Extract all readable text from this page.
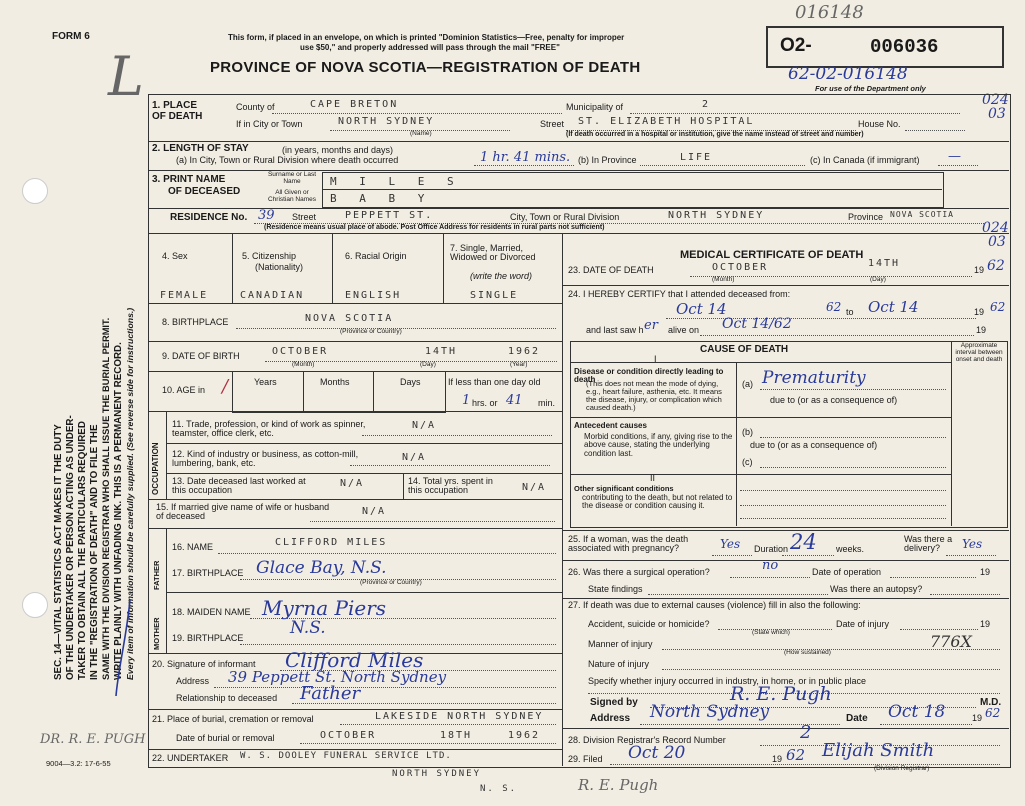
016148
FORM 6
L
This form, if placed in an envelope, on which is printed "Dominion Statistics—Free, penalty for improper
use $50," and properly addressed will pass through the mail "FREE"
PROVINCE OF NOVA SCOTIA—REGISTRATION OF DEATH
O2-	006036
62-02-016148
For use of the Department only
024
03
024
03
SEC. 14—VITAL STATISTICS ACT MAKES IT THE DUTY OF THE UNDERTAKER OR PERSON ACTING AS UNDER- TAKER TO OBTAIN ALL THE PARTICULARS REQUIRED IN THE "REGISTRATION OF DEATH" AND TO FILE THE SAME WITH THE DIVISION REGISTRAR WHO SHALL ISSUE THE BURIAL PERMIT. WRITE PLAINLY WITH UNFADING INK. THIS IS A PERMANENT RECORD. Every item of information should be carefully supplied. (See reverse side for instructions.)
1. PLACE OF DEATH
County of	CAPE BRETON	Municipality of	2
If in City or Town	NORTH SYDNEY
(Name)
Street ST. ELIZABETH HOSPITAL	House No.
(If death occurred in a hospital or institution, give the name instead of street and number)
2. LENGTH OF STAY	(in years, months and days)
(a) In City, Town or Rural Division where death occurred	1 hr. 41 mins. (b) In Province	LIFE	(c) In Canada (if immigrant) —
3. PRINT NAME
OF DECEASED
Surname or Last Name
All Given or Christian Names
M I L E S
B A B Y
RESIDENCE No. 39 Street	PEPPETT ST.	City, Town or Rural Division	NORTH SYDNEY	Province NOVA SCOTIA
(Residence means usual place of abode. Post Office Address for residents in rural parts not sufficient)
4. Sex	5. Citizenship
(Nationality)
6. Racial Origin
7. Single, Married, Widowed or Divorced
(write the word)
FEMALE	CANADIAN	ENGLISH	SINGLE
8. BIRTHPLACE	NOVA SCOTIA
(Province or Country)
9. DATE OF BIRTH	OCTOBER	14TH	1962
(Month)	(Day)	(Year)
10. AGE in /	Years	Months	Days	If less than one day old
1 hrs. or 41 min.
OCCUPATION
11. Trade, profession, or kind of work as spinner, teamster, office clerk, etc.
N/A
12. Kind of industry or business, as cotton-mill, lumbering, bank, etc.
N/A
13. Date deceased last worked at this occupation
N/A	14. Total yrs. spent in this occupation	N/A
15. If married give name of wife or husband of deceased	N/A
FATHER
MOTHER
16. NAME	CLIFFORD MILES
17. BIRTHPLACE Glace Bay, N.S.
(Province or Country)
18. MAIDEN NAME Myrna Piers
19. BIRTHPLACE	N.S.
20. Signature of informant Clifford Miles
Address 39 Peppett St. North Sydney
Relationship to deceased Father
21. Place of burial, cremation or removal	LAKESIDE NORTH SYDNEY
Date of burial or removal	OCTOBER	18TH	1962
22. UNDERTAKER W. S. DOOLEY FUNERAL SERVICE LTD.
NORTH SYDNEY
N. S.
DR. R. E. PUGH
9004—3.2: 17-6-55
R. E. Pugh
MEDICAL CERTIFICATE OF DEATH
23. DATE OF DEATH	OCTOBER	14TH
19 62
(Month)	(Day)
24. I HEREBY CERTIFY that I attended deceased from:
Oct 14	62 to Oct 14	19 62
and last saw h er alive on Oct 14/62	19
CAUSE OF DEATH
I
Approximate interval between onset and death
Disease or condition directly leading to death
(This does not mean the mode of dying, e.g., heart failure, asthenia, etc. It means the disease, injury, or complication which caused death.)
(a) Prematurity
due to (or as a consequence of)
Antecedent causes
Morbid conditions, if any, giving rise to the above cause, stating the underlying condition last.
(b)
due to (or as a consequence of)
(c)
II
Other significant conditions
contributing to the death, but not related to the disease or condition causing it.
25. If a woman, was the death associated with pregnancy?	Yes Duration 24 weeks.
Was there a delivery?	Yes
26. Was there a surgical operation?	no	Date of operation	19
State findings	Was there an autopsy?
27. If death was due to external causes (violence) fill in also the following:
Accident, suicide or homicide?
(State which)
Date of injury	19
Manner of injury	776X
(How sustained)
Nature of injury
Specify whether injury occurred in industry, in home, or in public place
Signed by	R. E. Pugh	M.D.
Address North Sydney	Date Oct 18	19 62
28. Division Registrar's Record Number	2
29. Filed Oct 20	19 62 Elijah Smith
(Division Registrar)
